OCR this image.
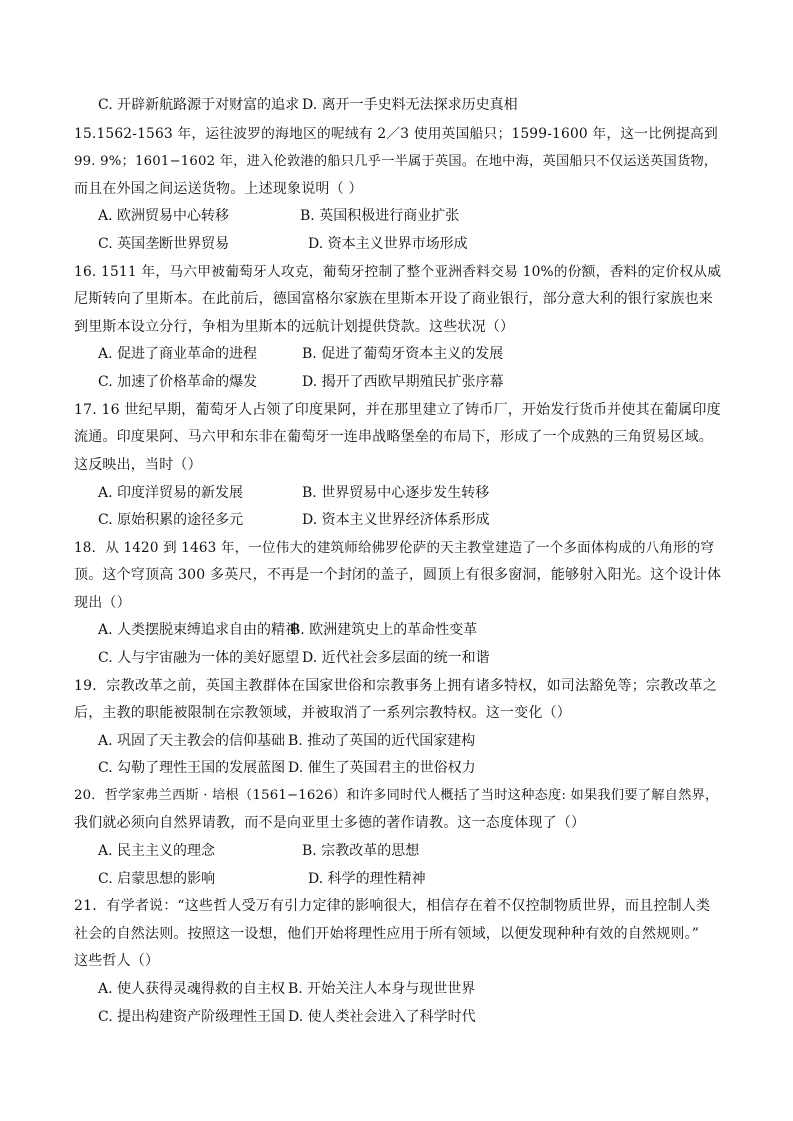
C. 开辟新航路源于对财富的追求 D. 离开一手史料无法探求历史真相
15.1562-1563 年，运往波罗的海地区的呢绒有 2／3 使用英国船只；1599-1600 年，这一比例提高到
99. 9%；1601−1602 年，进入伦敦港的船只几乎一半属于英国。在地中海，英国船只不仅运送英国货物，
而且在外国之间运送货物。上述现象说明（ ）
A. 欧洲贸易中心转移	B. 英国积极进行商业扩张
C. 英国垄断世界贸易	D. 资本主义世界市场形成
16. 1511 年，马六甲被葡萄牙人攻克，葡萄牙控制了整个亚洲香料交易 10%的份额，香料的定价权从威
尼斯转向了里斯本。在此前后，德国富格尔家族在里斯本开设了商业银行，部分意大利的银行家族也来
到里斯本设立分行，争相为里斯本的远航计划提供贷款。这些状况（）
A. 促进了商业革命的进程	B. 促进了葡萄牙资本主义的发展
C. 加速了价格革命的爆发	D. 揭开了西欧早期殖民扩张序幕
17. 16 世纪早期，葡萄牙人占领了印度果阿，并在那里建立了铸币厂，开始发行货币并使其在葡属印度
流通。印度果阿、马六甲和东非在葡萄牙一连串战略堡垒的布局下，形成了一个成熟的三角贸易区域。
这反映出，当时（）
A. 印度洋贸易的新发展	B. 世界贸易中心逐步发生转移
C. 原始积累的途径多元	D. 资本主义世界经济体系形成
18．从 1420 到 1463 年，一位伟大的建筑师给佛罗伦萨的天主教堂建造了一个多面体构成的八角形的穹
顶。这个穹顶高 300 多英尺，不再是一个封闭的盖子，圆顶上有很多窗洞，能够射入阳光。这个设计体
现出（）
A. 人类摆脱束缚追求自由的精神
B. 欧洲建筑史上的革命性变革
C. 人与宇宙融为一体的美好愿望 D. 近代社会多层面的统一和谐
19．宗教改革之前，英国主教群体在国家世俗和宗教事务上拥有诸多特权，如司法豁免等；宗教改革之
后，主教的职能被限制在宗教领域，并被取消了一系列宗教特权。这一变化（）
A. 巩固了天主教会的信仰基础 B. 推动了英国的近代国家建构
C. 勾勒了理性王国的发展蓝图 D. 催生了英国君主的世俗权力
20．哲学家弗兰西斯 · 培根（1561−1626）和许多同时代人概括了当时这种态度: 如果我们要了解自然界，
我们就必须向自然界请教，而不是向亚里士多德的著作请教。这一态度体现了（）
A. 民主主义的理念	B. 宗教改革的思想
C. 启蒙思想的影响	D. 科学的理性精神
21．有学者说：“这些哲人受万有引力定律的影响很大，相信存在着不仅控制物质世界，而且控制人类
社会的自然法则。按照这一设想，他们开始将理性应用于所有领域，以便发现种种有效的自然规则。”
这些哲人（）
A. 使人获得灵魂得救的自主权 B. 开始关注人本身与现世世界
C. 提出构建资产阶级理性王国 D. 使人类社会进入了科学时代
